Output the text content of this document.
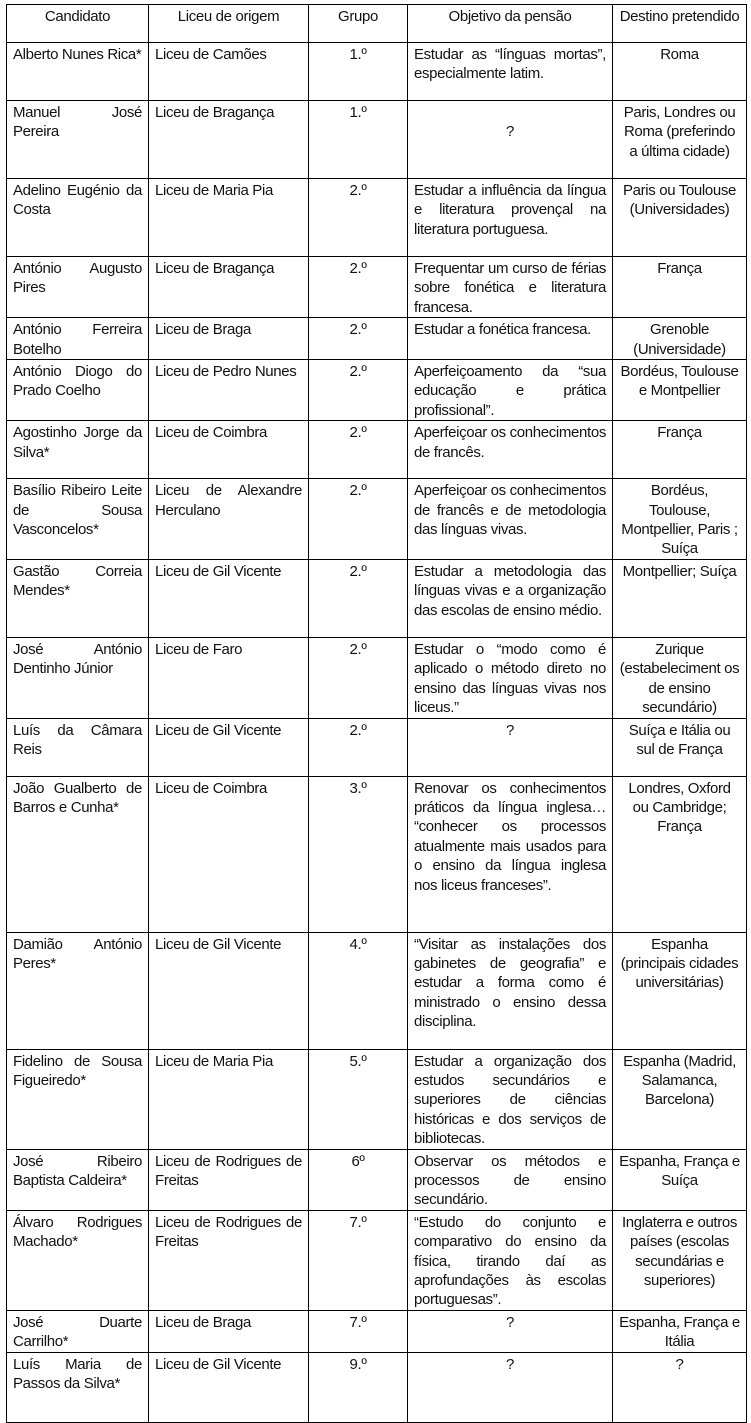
Candidato	Liceu de origem	Grupo	Objetivo da pensão	Destino pretendido
Alberto Nunes Rica*	Liceu de Camões	1.º	Estudar as “línguas mortas”, especialmente latim.	Roma
Manuel José Pereira	Liceu de Bragança	1.º	?	Paris, Londres ou Roma (preferindo a última cidade)
Adelino Eugénio da Costa	Liceu de Maria Pia	2.º	Estudar a influência da língua e literatura provençal na literatura portuguesa.	Paris ou Toulouse (Universidades)
António Augusto Pires	Liceu de Bragança	2.º	Frequentar um curso de férias sobre fonética e literatura francesa.	França
António Ferreira Botelho	Liceu de Braga	2.º	Estudar a fonética francesa.	Grenoble (Universidade)
António Diogo do Prado Coelho	Liceu de Pedro Nunes	2.º	Aperfeiçoamento da “sua educação e prática profissional”.	Bordéus, Toulouse e Montpellier
Agostinho Jorge da Silva*	Liceu de Coimbra	2.º	Aperfeiçoar os conhecimentos de francês.	França
Basílio Ribeiro Leite de Sousa Vasconcelos*	Liceu de Alexandre Herculano	2.º	Aperfeiçoar os conhecimentos de francês e de metodologia das línguas vivas.	Bordéus, Toulouse, Montpellier, Paris ; Suíça
Gastão Correia Mendes*	Liceu de Gil Vicente	2.º	Estudar a metodologia das línguas vivas e a organização das escolas de ensino médio.	Montpellier; Suíça
José António Dentinho Júnior	Liceu de Faro	2.º	Estudar o “modo como é aplicado o método direto no ensino das línguas vivas nos liceus.”	Zurique (estabeleciment os de ensino secundário)
Luís da Câmara Reis	Liceu de Gil Vicente	2.º	?	Suíça e Itália ou sul de França
João Gualberto de Barros e Cunha*	Liceu de Coimbra	3.º	Renovar os conhecimentos práticos da língua inglesa… “conhecer os processos atualmente mais usados para o ensino da língua inglesa nos liceus franceses”.	Londres, Oxford ou Cambridge; França
Damião António Peres*	Liceu de Gil Vicente	4.º	“Visitar as instalações dos gabinetes de geografia” e estudar a forma como é ministrado o ensino dessa disciplina.	Espanha (principais cidades universitárias)
Fidelino de Sousa Figueiredo*	Liceu de Maria Pia	5.º	Estudar a organização dos estudos secundários e superiores de ciências históricas e dos serviços de bibliotecas.	Espanha (Madrid, Salamanca, Barcelona)
José Ribeiro Baptista Caldeira*	Liceu de Rodrigues de Freitas	6º	Observar os métodos e processos de ensino secundário.	Espanha, França e Suíça
Álvaro Rodrigues Machado*	Liceu de Rodrigues de Freitas	7.º	“Estudo do conjunto e comparativo do ensino da física, tirando daí as aprofundações às escolas portuguesas”.	Inglaterra e outros países (escolas secundárias e superiores)
José Duarte Carrilho*	Liceu de Braga	7.º	?	Espanha, França e Itália
Luís Maria de Passos da Silva*	Liceu de Gil Vicente	9.º	?	?
